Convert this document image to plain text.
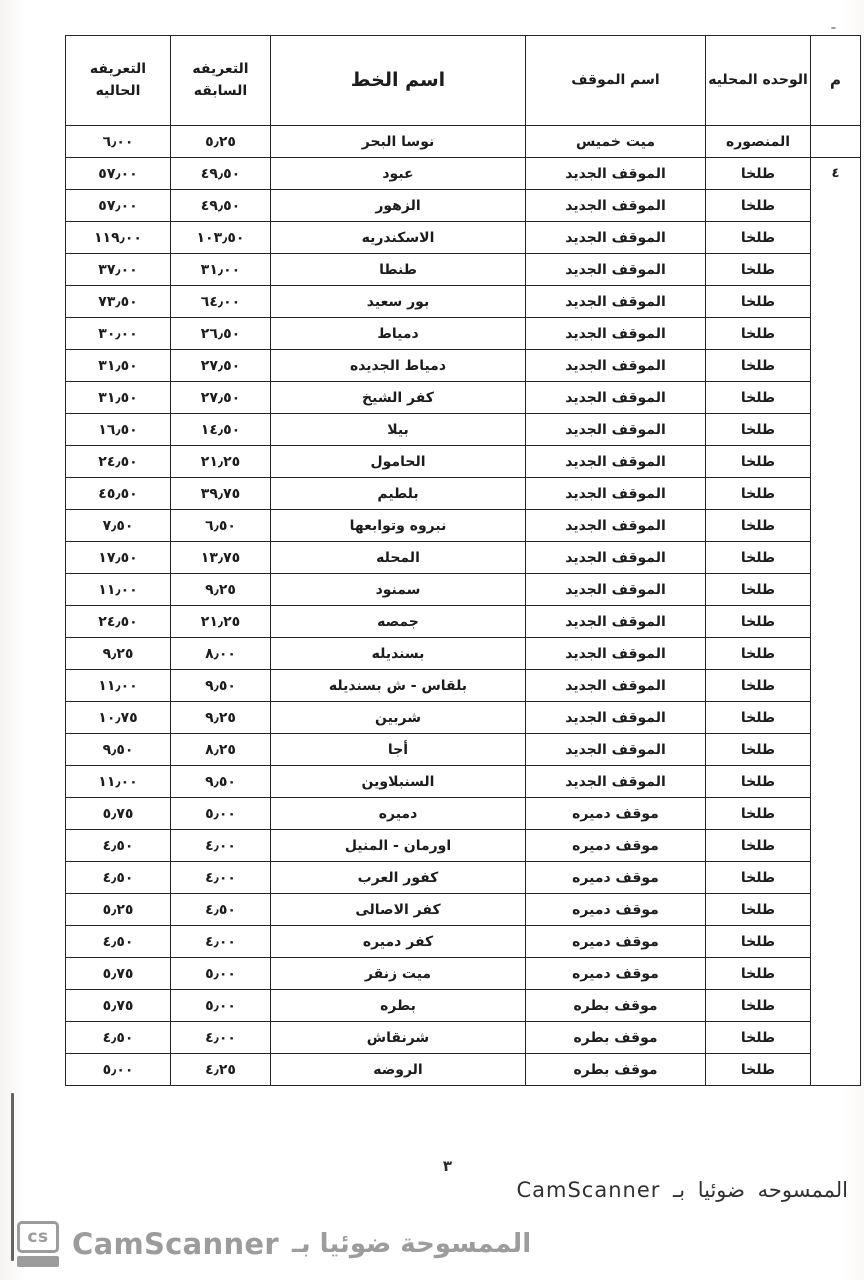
م	الوحده المحليه	اسم الموقف	اسم الخط	التعريفه السابقه	التعريفه الحاليه
	المنصوره	ميت خميس	نوسا البحر	٥٫٢٥	٦٫٠٠
٤	طلخا	الموقف الجديد	عبود	٤٩٫٥٠	٥٧٫٠٠
	طلخا	الموقف الجديد	الزهور	٤٩٫٥٠	٥٧٫٠٠
	طلخا	الموقف الجديد	الاسكندريه	١٠٣٫٥٠	١١٩٫٠٠
	طلخا	الموقف الجديد	طنطا	٣١٫٠٠	٣٧٫٠٠
	طلخا	الموقف الجديد	بور سعيد	٦٤٫٠٠	٧٣٫٥٠
	طلخا	الموقف الجديد	دمياط	٢٦٫٥٠	٣٠٫٠٠
	طلخا	الموقف الجديد	دمياط الجديده	٢٧٫٥٠	٣١٫٥٠
	طلخا	الموقف الجديد	كفر الشيخ	٢٧٫٥٠	٣١٫٥٠
	طلخا	الموقف الجديد	بيلا	١٤٫٥٠	١٦٫٥٠
	طلخا	الموقف الجديد	الحامول	٢١٫٢٥	٢٤٫٥٠
	طلخا	الموقف الجديد	بلطيم	٣٩٫٧٥	٤٥٫٥٠
	طلخا	الموقف الجديد	نبروه وتوابعها	٦٫٥٠	٧٫٥٠
	طلخا	الموقف الجديد	المحله	١٣٫٧٥	١٧٫٥٠
	طلخا	الموقف الجديد	سمنود	٩٫٢٥	١١٫٠٠
	طلخا	الموقف الجديد	جمصه	٢١٫٢٥	٢٤٫٥٠
	طلخا	الموقف الجديد	بسنديله	٨٫٠٠	٩٫٢٥
	طلخا	الموقف الجديد	بلقاس - ش بسنديله	٩٫٥٠	١١٫٠٠
	طلخا	الموقف الجديد	شربين	٩٫٢٥	١٠٫٧٥
	طلخا	الموقف الجديد	أجا	٨٫٢٥	٩٫٥٠
	طلخا	الموقف الجديد	السنبلاوين	٩٫٥٠	١١٫٠٠
	طلخا	موقف دميره	دميره	٥٫٠٠	٥٫٧٥
	طلخا	موقف دميره	اورمان - المنيل	٤٫٠٠	٤٫٥٠
	طلخا	موقف دميره	كفور العرب	٤٫٠٠	٤٫٥٠
	طلخا	موقف دميره	كفر الاصالى	٤٫٥٠	٥٫٢٥
	طلخا	موقف دميره	كفر دميره	٤٫٠٠	٤٫٥٠
	طلخا	موقف دميره	ميت زنقر	٥٫٠٠	٥٫٧٥
	طلخا	موقف بطره	بطره	٥٫٠٠	٥٫٧٥
	طلخا	موقف بطره	شرنقاش	٤٫٠٠	٤٫٥٠
	طلخا	موقف بطره	الروضه	٤٫٢٥	٥٫٠٠
٣
الممسوحه ضوئيا بـ CamScanner
cs CamScanner الممسوحة ضوئيا بـ
